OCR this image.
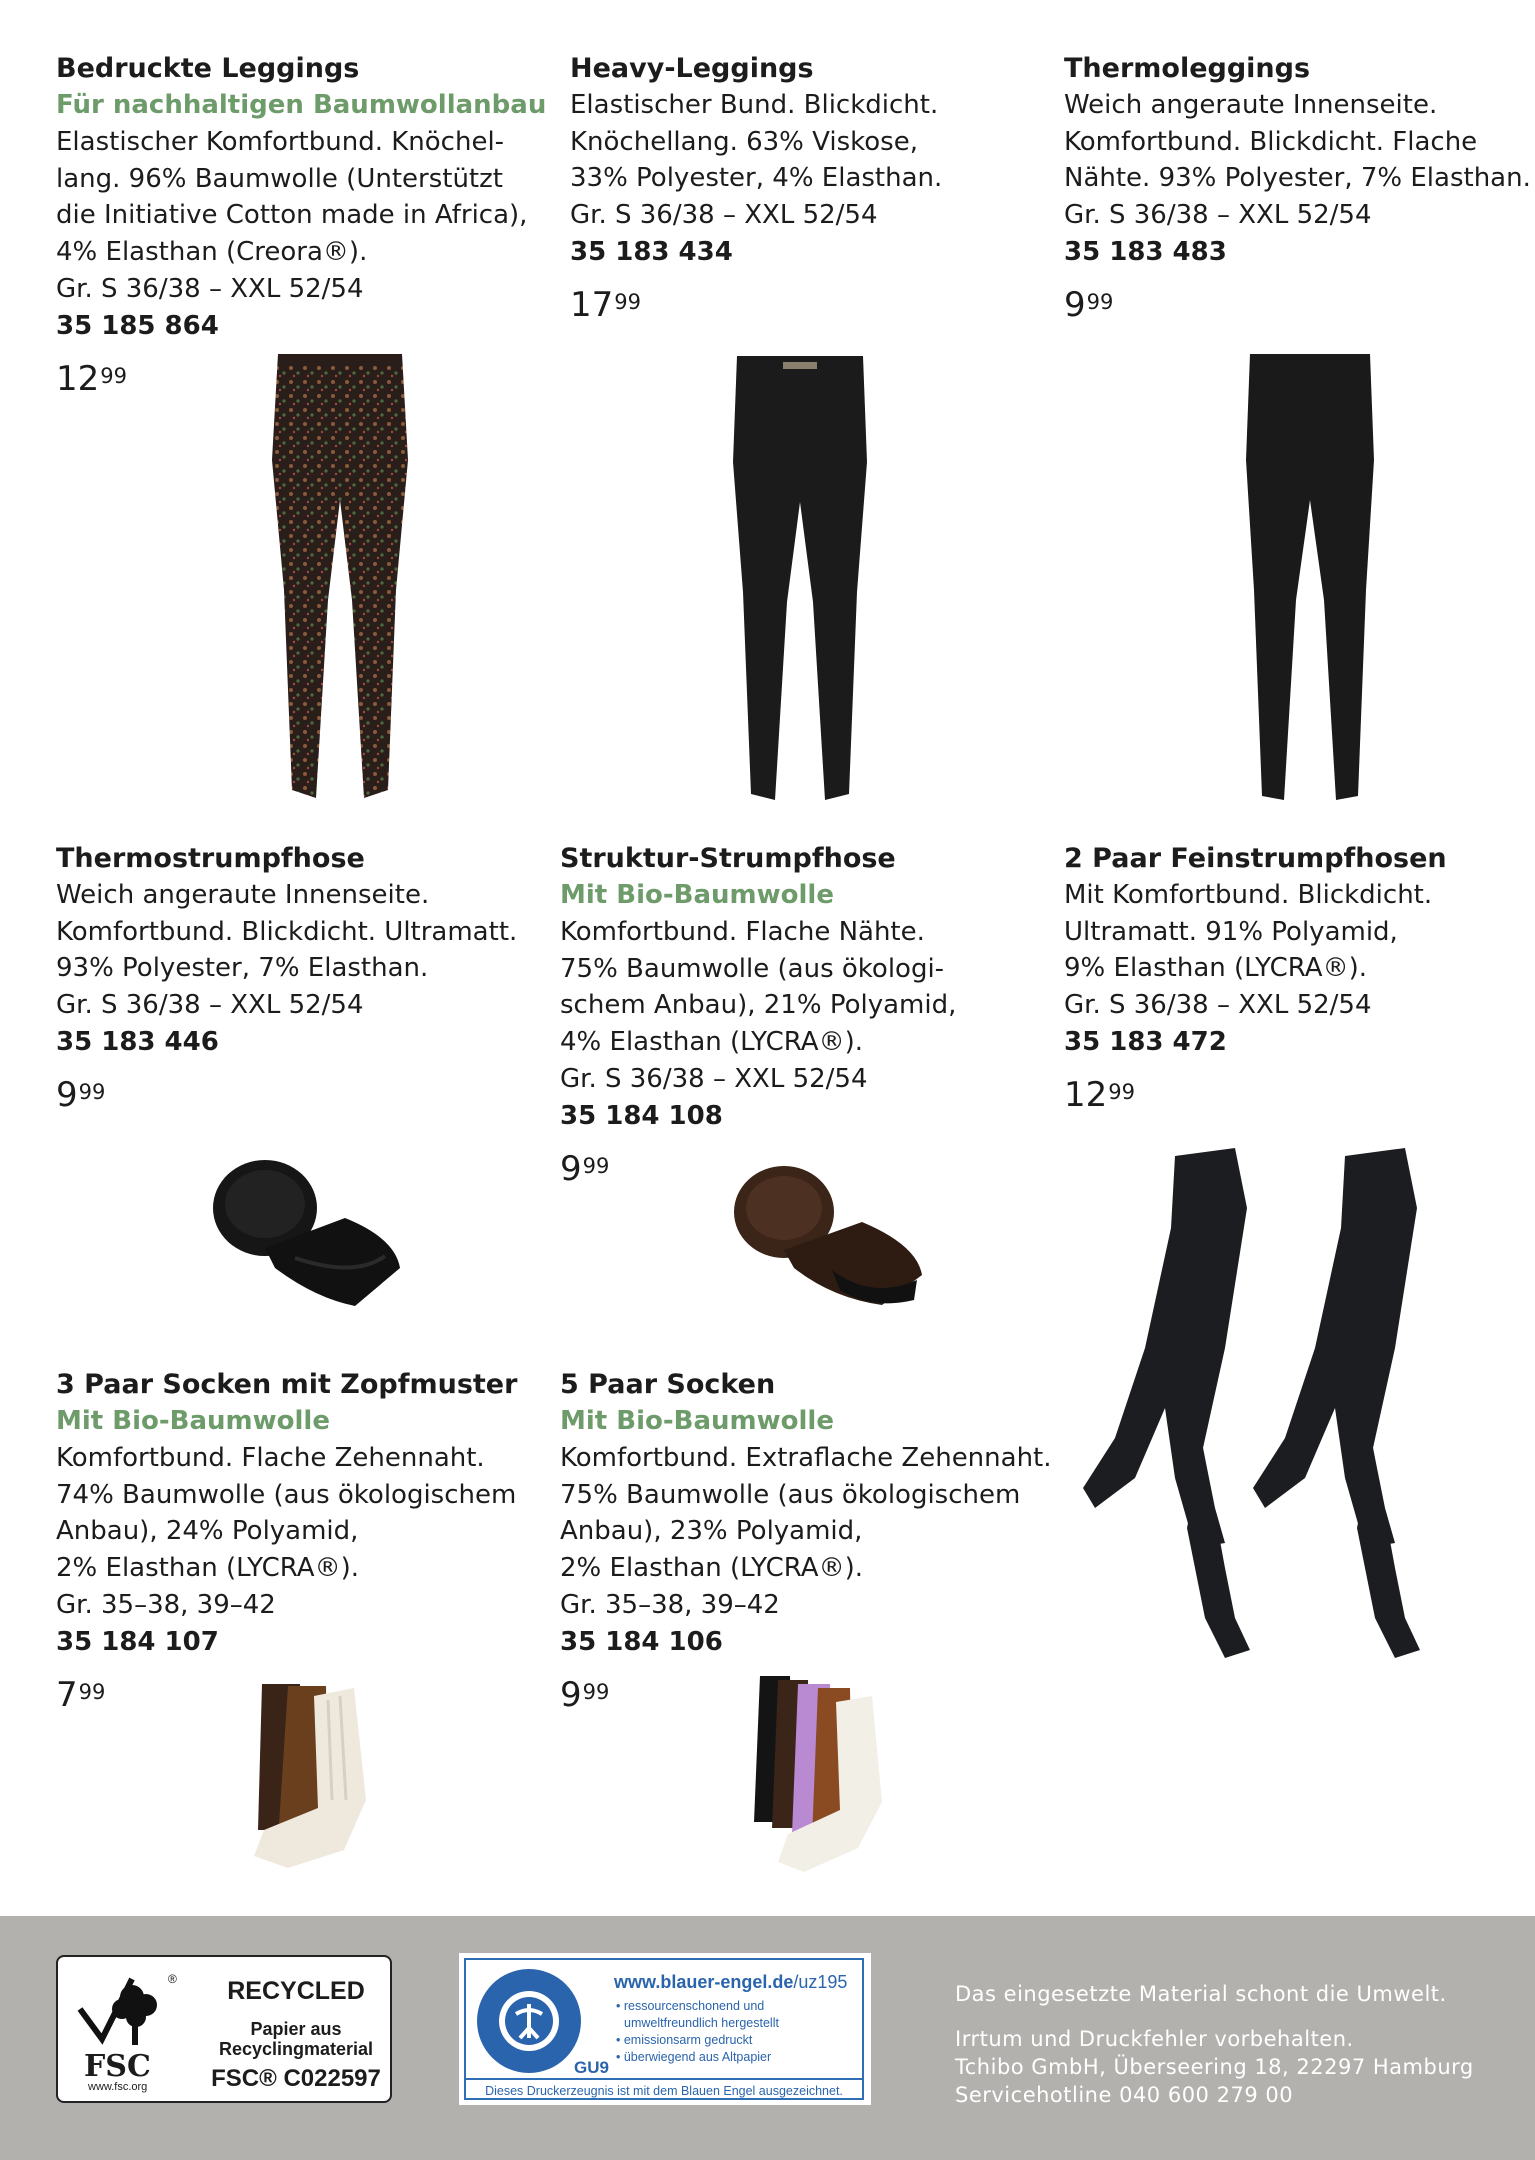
Bedruckte Leggings
Für nachhaltigen Baumwollanbau
Elastischer Komfortbund. Knöchel-
lang. 96% Baumwolle (Unterstützt
die Initiative Cotton made in Africa),
4% Elasthan (Creora®).
Gr. S 36/38 – XXL 52/54
35 185 864
$12^{99}$
Heavy-Leggings
Elastischer Bund. Blickdicht.
Knöchellang. 63% Viskose,
33% Polyester, 4% Elasthan.
Gr. S 36/38 – XXL 52/54
35 183 434
$17^{99}$
Thermoleggings
Weich angeraute Innenseite.
Komfortbund. Blickdicht. Flache
Nähte. 93% Polyester, 7% Elasthan.
Gr. S 36/38 – XXL 52/54
35 183 483
$9^{99}$
Thermostrumpfhose
Weich angeraute Innenseite.
Komfortbund. Blickdicht. Ultramatt.
93% Polyester, 7% Elasthan.
Gr. S 36/38 – XXL 52/54
35 183 446
$9^{99}$
Struktur-Strumpfhose
Mit Bio-Baumwolle
Komfortbund. Flache Nähte.
75% Baumwolle (aus ökologi-
schem Anbau), 21% Polyamid,
4% Elasthan (LYCRA®).
Gr. S 36/38 – XXL 52/54
35 184 108
$9^{99}$
2 Paar Feinstrumpfhosen
Mit Komfortbund. Blickdicht.
Ultramatt. 91% Polyamid,
9% Elasthan (LYCRA®).
Gr. S 36/38 – XXL 52/54
35 183 472
$12^{99}$
3 Paar Socken mit Zopfmuster
Mit Bio-Baumwolle
Komfortbund. Flache Zehennaht.
74% Baumwolle (aus ökologischem
Anbau), 24% Polyamid,
2% Elasthan (LYCRA®).
Gr. 35–38, 39–42
35 184 107
$7^{99}$
5 Paar Socken
Mit Bio-Baumwolle
Komfortbund. Extraflache Zehennaht.
75% Baumwolle (aus ökologischem
Anbau), 23% Polyamid,
2% Elasthan (LYCRA®).
Gr. 35–38, 39–42
35 184 106
$9^{99}$
®
FSC
www.fsc.org
RECYCLED
Papier aus
Recyclingmaterial
FSC® C022597
www.blauer-engel.de/uz195
• ressourcenschonend und
umweltfreundlich hergestellt
• emissionsarm gedruckt
• überwiegend aus Altpapier
GU9
Dieses Druckerzeugnis ist mit dem Blauen Engel ausgezeichnet.
Das eingesetzte Material schont die Umwelt.
Irrtum und Druckfehler vorbehalten.
Tchibo GmbH, Überseering 18, 22297 Hamburg
Servicehotline 040 600 279 00
